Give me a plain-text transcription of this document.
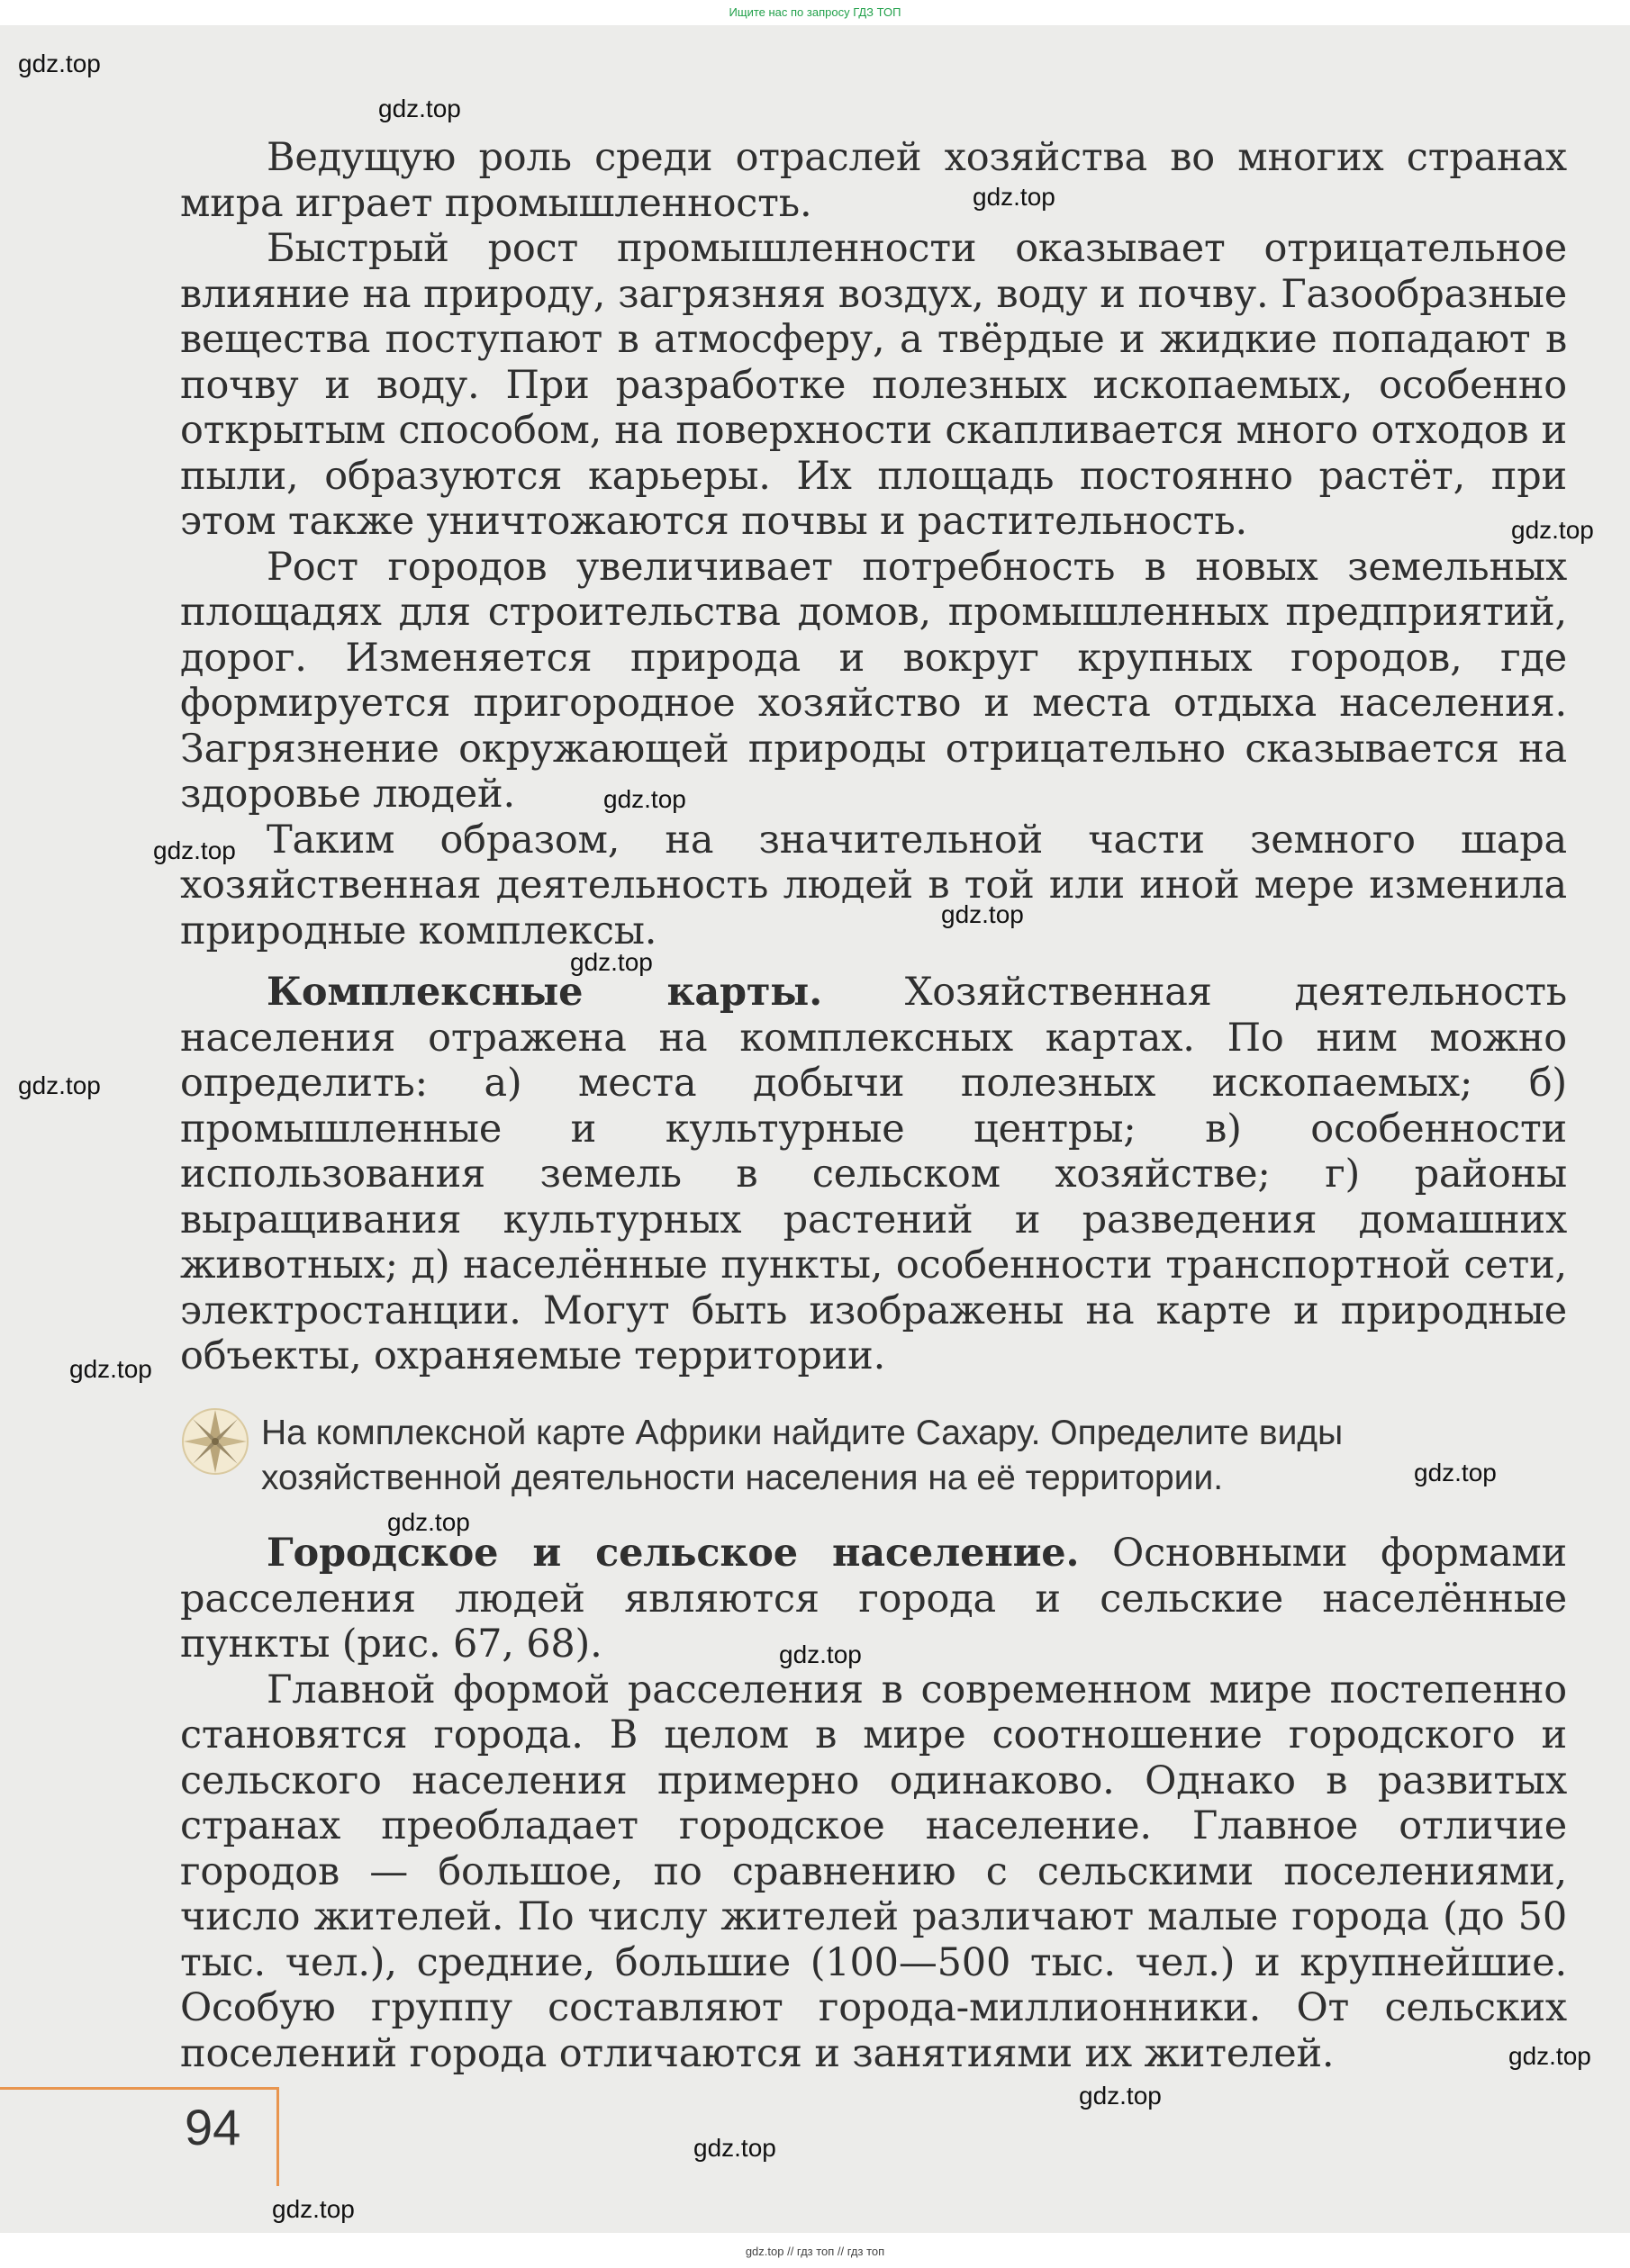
Ищите нас по запросу ГДЗ ТОП

Ведущую роль среди отраслей хозяйства во многих странах мира играет промышленность.

Быстрый рост промышленности оказывает отрицательное влияние на природу, загрязняя воздух, воду и почву. Газообразные вещества поступают в атмосферу, а твёрдые и жидкие попадают в почву и воду. При разработке полезных ископаемых, особенно открытым способом, на поверхности скапливается много отходов и пыли, образуются карьеры. Их площадь постоянно растёт, при этом также уничтожаются почвы и растительность.

Рост городов увеличивает потребность в новых земельных площадях для строительства домов, промышленных предприятий, дорог. Изменяется природа и вокруг крупных городов, где формируется пригородное хозяйство и места отдыха населения. Загрязнение окружающей природы отрицательно сказывается на здоровье людей.

Таким образом, на значительной части земного шара хозяйственная деятельность людей в той или иной мере изменила природные комплексы.

Комплексные карты. Хозяйственная деятельность населения отражена на комплексных картах. По ним можно определить: а) места добычи полезных ископаемых; б) промышленные и культурные центры; в) особенности использования земель в сельском хозяйстве; г) районы выращивания культурных растений и разведения домашних животных; д) населённые пункты, особенности транспортной сети, электростанции. Могут быть изображены на карте и природные объекты, охраняемые территории.

На комплексной карте Африки найдите Сахару. Определите виды хозяйственной деятельности населения на её территории.

Городское и сельское население. Основными формами расселения людей являются города и сельские населённые пункты (рис. 67, 68).

Главной формой расселения в современном мире постепенно становятся города. В целом в мире соотношение городского и сельского населения примерно одинаково. Однако в развитых странах преобладает городское население. Главное отличие городов — большое, по сравнению с сельскими поселениями, число жителей. По числу жителей различают малые города (до 50 тыс. чел.), средние, большие (100—500 тыс. чел.) и крупнейшие. Особую группу составляют города-миллионники. От сельских поселений города отличаются и занятиями их жителей.

94
gdz.top
gdz.top
gdz.top
gdz.top
gdz.top
gdz.top
gdz.top
gdz.top
gdz.top
gdz.top
gdz.top
gdz.top
gdz.top
gdz.top
gdz.top
gdz.top
gdz.top
gdz.top // гдз топ // гдз топ
